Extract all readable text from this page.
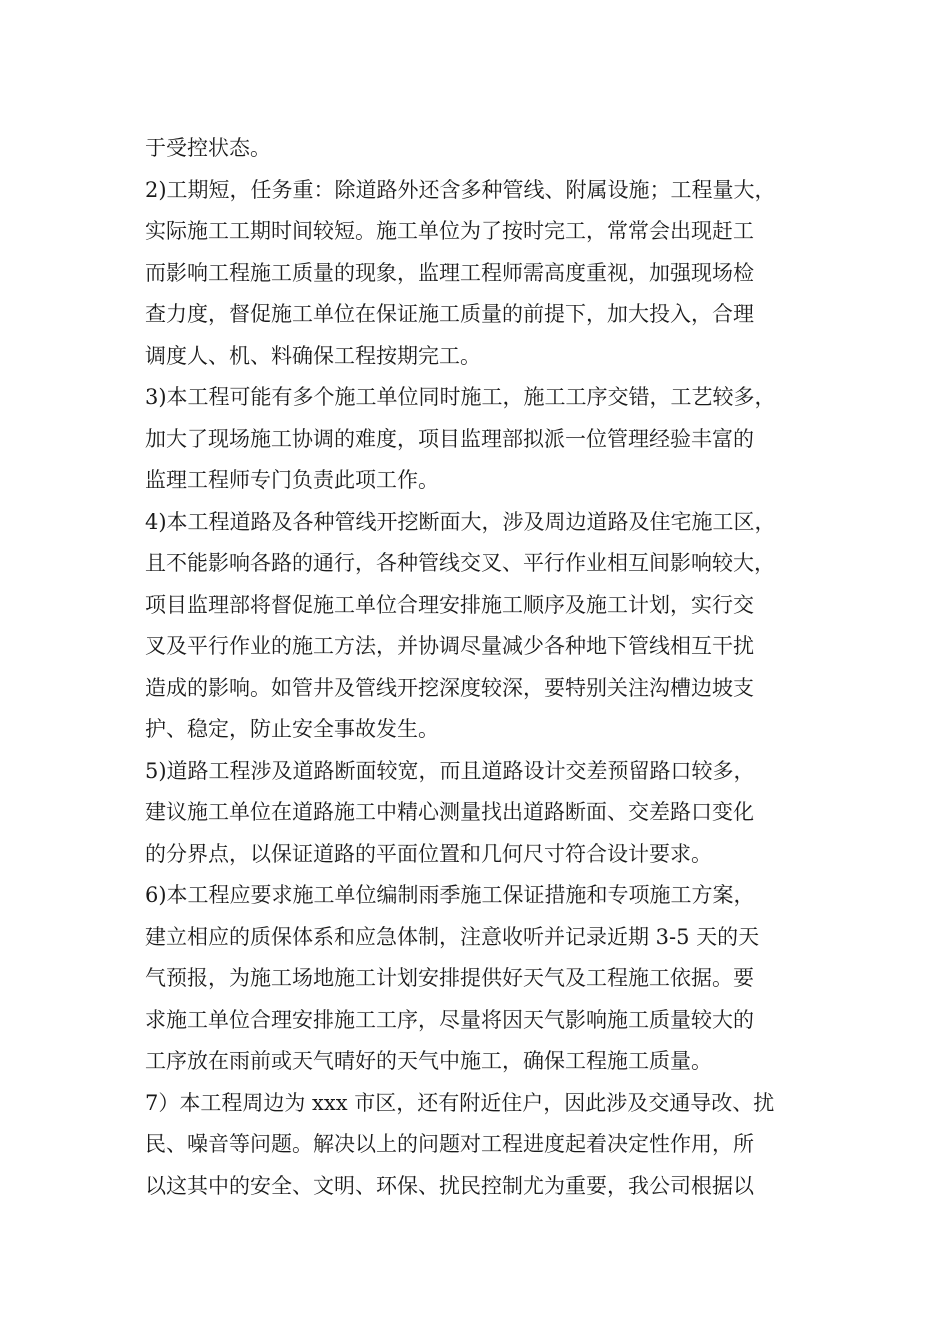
于受控状态。
2)工期短，任务重：除道路外还含多种管线、附属设施；工程量大，
实际施工工期时间较短。施工单位为了按时完工，常常会出现赶工
而影响工程施工质量的现象，监理工程师需高度重视，加强现场检
查力度，督促施工单位在保证施工质量的前提下，加大投入，合理
调度人、机、料确保工程按期完工。
3)本工程可能有多个施工单位同时施工，施工工序交错，工艺较多，
加大了现场施工协调的难度，项目监理部拟派一位管理经验丰富的
监理工程师专门负责此项工作。
4)本工程道路及各种管线开挖断面大，涉及周边道路及住宅施工区，
且不能影响各路的通行，各种管线交叉、平行作业相互间影响较大，
项目监理部将督促施工单位合理安排施工顺序及施工计划，实行交
叉及平行作业的施工方法，并协调尽量减少各种地下管线相互干扰
造成的影响。如管井及管线开挖深度较深，要特别关注沟槽边坡支
护、稳定，防止安全事故发生。
5)道路工程涉及道路断面较宽，而且道路设计交差预留路口较多，
建议施工单位在道路施工中精心测量找出道路断面、交差路口变化
的分界点，以保证道路的平面位置和几何尺寸符合设计要求。
6)本工程应要求施工单位编制雨季施工保证措施和专项施工方案，
建立相应的质保体系和应急体制，注意收听并记录近期 3-5 天的天
气预报，为施工场地施工计划安排提供好天气及工程施工依据。要
求施工单位合理安排施工工序，尽量将因天气影响施工质量较大的
工序放在雨前或天气晴好的天气中施工，确保工程施工质量。
7）本工程周边为 xxx 市区，还有附近住户，因此涉及交通导改、扰
民、噪音等问题。解决以上的问题对工程进度起着决定性作用，所
以这其中的安全、文明、环保、扰民控制尤为重要，我公司根据以
